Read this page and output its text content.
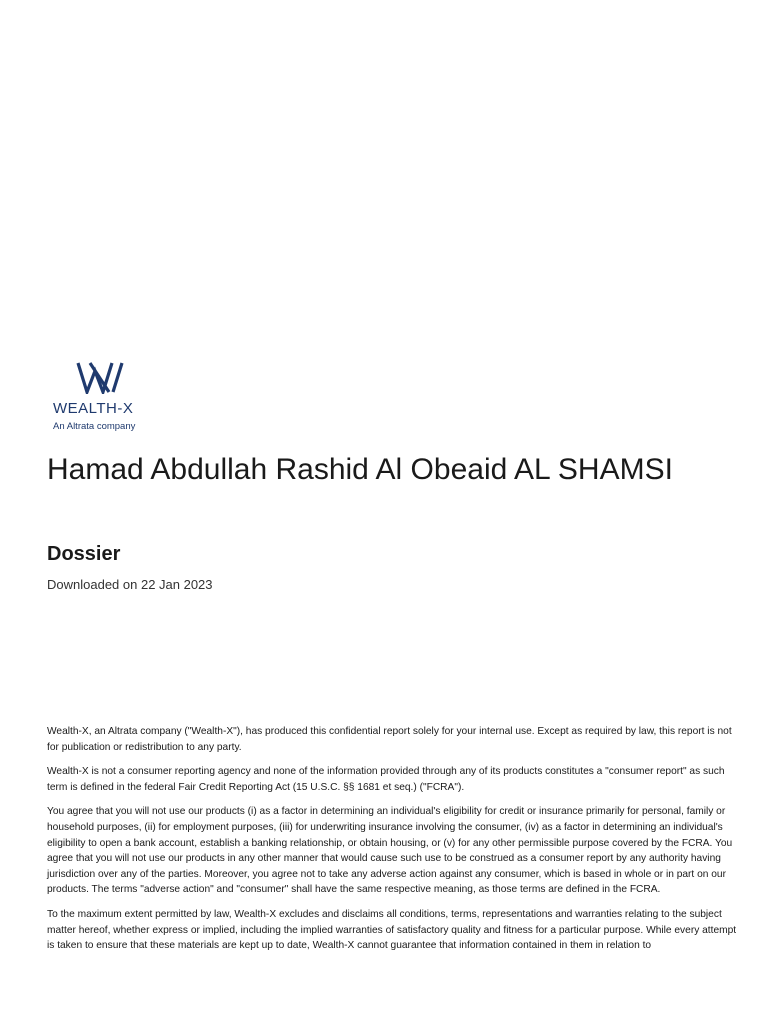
WEALTH-X
An Altrata company
Hamad Abdullah Rashid Al Obeaid AL SHAMSI
Dossier
Downloaded on 22 Jan 2023

Wealth-X, an Altrata company ("Wealth-X"), has produced this confidential report solely for your internal use. Except as required by law, this report is not for publication or redistribution to any party.

Wealth-X is not a consumer reporting agency and none of the information provided through any of its products constitutes a "consumer report" as such term is defined in the federal Fair Credit Reporting Act (15 U.S.C. §§ 1681 et seq.) ("FCRA").

You agree that you will not use our products (i) as a factor in determining an individual's eligibility for credit or insurance primarily for personal, family or household purposes, (ii) for employment purposes, (iii) for underwriting insurance involving the consumer, (iv) as a factor in determining an individual's eligibility to open a bank account, establish a banking relationship, or obtain housing, or (v) for any other permissible purpose covered by the FCRA. You agree that you will not use our products in any other manner that would cause such use to be construed as a consumer report by any authority having jurisdiction over any of the parties. Moreover, you agree not to take any adverse action against any consumer, which is based in whole or in part on our products. The terms "adverse action" and "consumer" shall have the same respective meaning, as those terms are defined in the FCRA.

To the maximum extent permitted by law, Wealth-X excludes and disclaims all conditions, terms, representations and warranties relating to the subject matter hereof, whether express or implied, including the implied warranties of satisfactory quality and fitness for a particular purpose. While every attempt is taken to ensure that these materials are kept up to date, Wealth-X cannot guarantee that information contained in them in relation to
